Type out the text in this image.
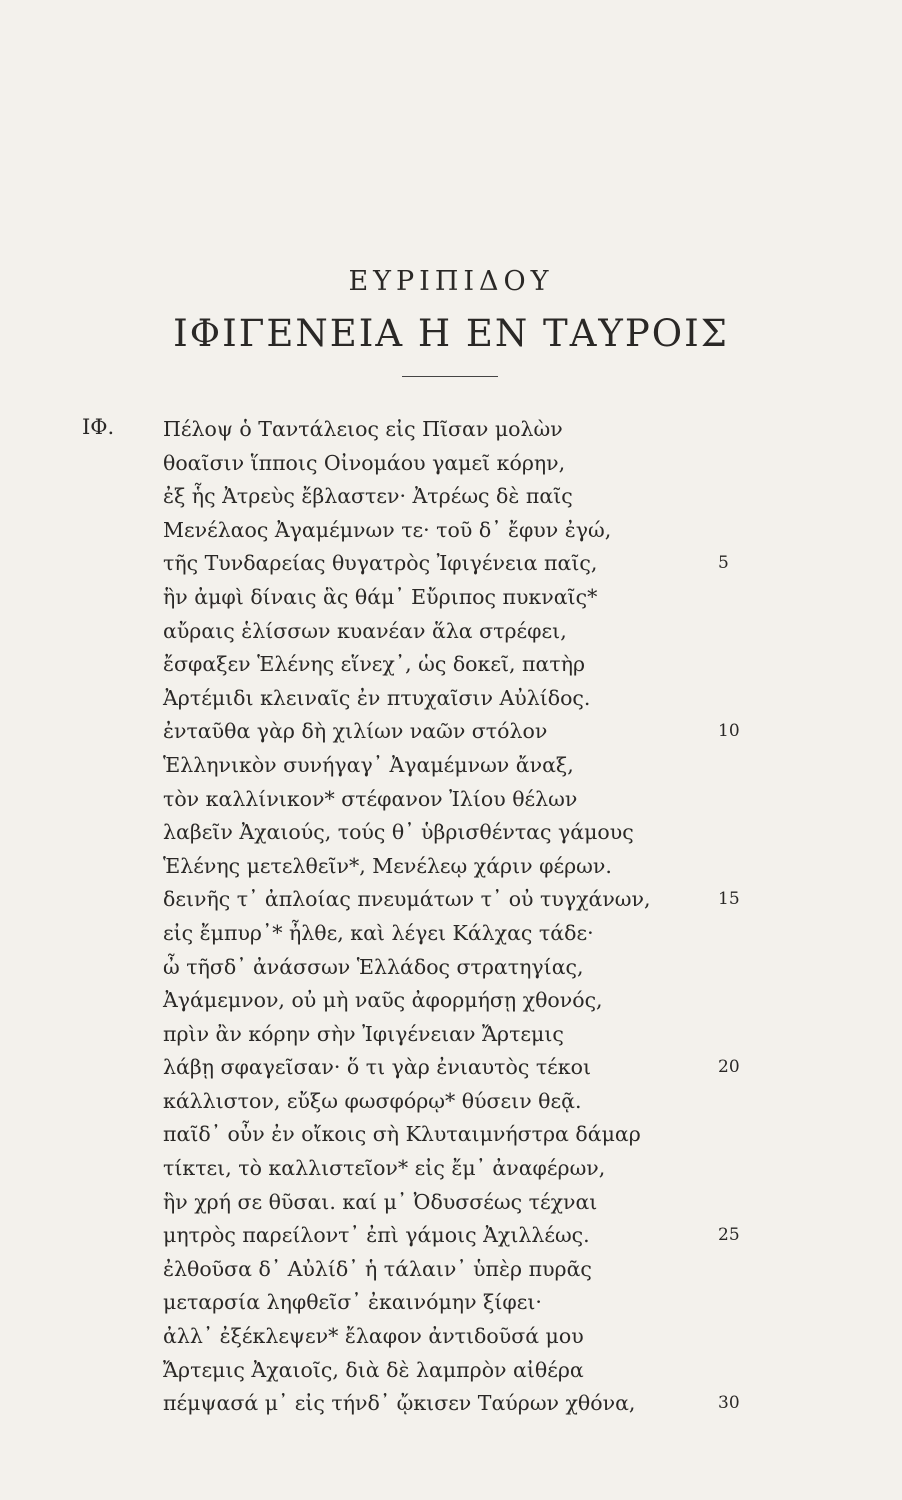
ΕΥΡΙΠΙΔΟΥ
ΙΦΙΓΕΝΕΙΑ Η ΕΝ ΤΑΥΡΟΙΣ
ΙΦ. Πέλοψ ὁ Ταντάλειος εἰς Πῖσαν μολὼν
θοαῖσιν ἵπποις Οἰνομάου γαμεῖ κόρην,
ἐξ ἧς Ἀτρεὺς ἔβλαστεν· Ἀτρέως δὲ παῖς
Μενέλαος Ἀγαμέμνων τε· τοῦ δ᾽ ἔφυν ἐγώ,
τῆς Τυνδαρείας θυγατρὸς Ἰφιγένεια παῖς,	5
ἣν ἀμφὶ δίναις ἃς θάμ᾽ Εὔριπος πυκναῖς*
αὔραις ἑλίσσων κυανέαν ἅλα στρέφει,
ἔσφαξεν Ἑλένης εἵνεχ᾽, ὡς δοκεῖ, πατὴρ
Ἀρτέμιδι κλειναῖς ἐν πτυχαῖσιν Αὐλίδος.
ἐνταῦθα γὰρ δὴ χιλίων ναῶν στόλον	10
Ἑλληνικὸν συνήγαγ᾽ Ἀγαμέμνων ἄναξ,
τὸν καλλίνικον* στέφανον Ἰλίου θέλων
λαβεῖν Ἀχαιούς, τούς θ᾽ ὑβρισθέντας γάμους
Ἑλένης μετελθεῖν*, Μενέλεῳ χάριν φέρων.
δεινῆς τ᾽ ἀπλοίας πνευμάτων τ᾽ οὐ τυγχάνων,	15
εἰς ἔμπυρ᾽* ἦλθε, καὶ λέγει Κάλχας τάδε·
ὦ τῆσδ᾽ ἀνάσσων Ἑλλάδος στρατηγίας,
Ἀγάμεμνον, οὐ μὴ ναῦς ἀφορμήσῃ χθονός,
πρὶν ἂν κόρην σὴν Ἰφιγένειαν Ἄρτεμις
λάβῃ σφαγεῖσαν· ὅ τι γὰρ ἐνιαυτὸς τέκοι	20
κάλλιστον, εὔξω φωσφόρῳ* θύσειν θεᾷ.
παῖδ᾽ οὖν ἐν οἴκοις σὴ Κλυταιμνήστρα δάμαρ
τίκτει, τὸ καλλιστεῖον* εἰς ἔμ᾽ ἀναφέρων,
ἣν χρή σε θῦσαι. καί μ᾽ Ὀδυσσέως τέχναι
μητρὸς παρείλοντ᾽ ἐπὶ γάμοις Ἀχιλλέως.	25
ἐλθοῦσα δ᾽ Αὐλίδ᾽ ἡ τάλαιν᾽ ὑπὲρ πυρᾶς
μεταρσία ληφθεῖσ᾽ ἐκαινόμην ξίφει·
ἀλλ᾽ ἐξέκλεψεν* ἔλαφον ἀντιδοῦσά μου
Ἄρτεμις Ἀχαιοῖς, διὰ δὲ λαμπρὸν αἰθέρα
πέμψασά μ᾽ εἰς τήνδ᾽ ᾤκισεν Ταύρων χθόνα,	30
